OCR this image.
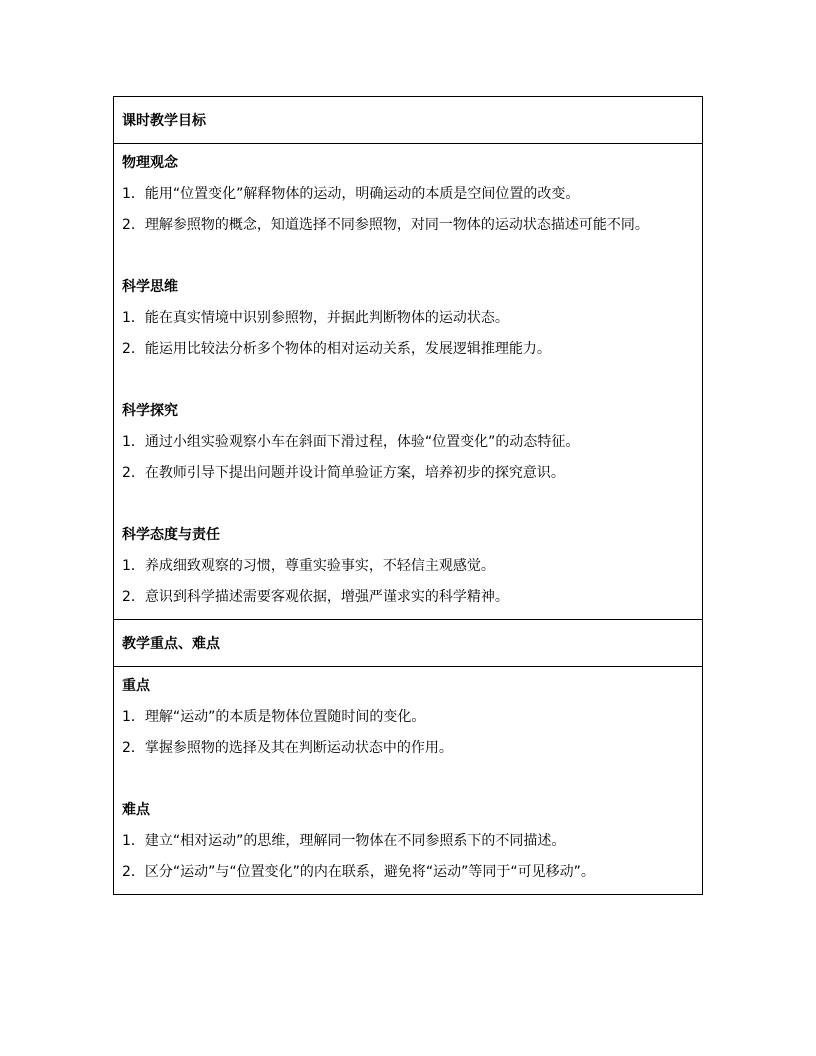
课时教学目标
物理观念
1．能用“位置变化”解释物体的运动，明确运动的本质是空间位置的改变。
2．理解参照物的概念，知道选择不同参照物，对同一物体的运动状态描述可能不同。
科学思维
1．能在真实情境中识别参照物，并据此判断物体的运动状态。
2．能运用比较法分析多个物体的相对运动关系，发展逻辑推理能力。
科学探究
1．通过小组实验观察小车在斜面下滑过程，体验“位置变化”的动态特征。
2．在教师引导下提出问题并设计简单验证方案，培养初步的探究意识。
科学态度与责任
1．养成细致观察的习惯，尊重实验事实，不轻信主观感觉。
2．意识到科学描述需要客观依据，增强严谨求实的科学精神。
教学重点、难点
重点
1．理解“运动”的本质是物体位置随时间的变化。
2．掌握参照物的选择及其在判断运动状态中的作用。
难点
1．建立“相对运动”的思维，理解同一物体在不同参照系下的不同描述。
2．区分“运动”与“位置变化”的内在联系，避免将“运动”等同于“可见移动”。
